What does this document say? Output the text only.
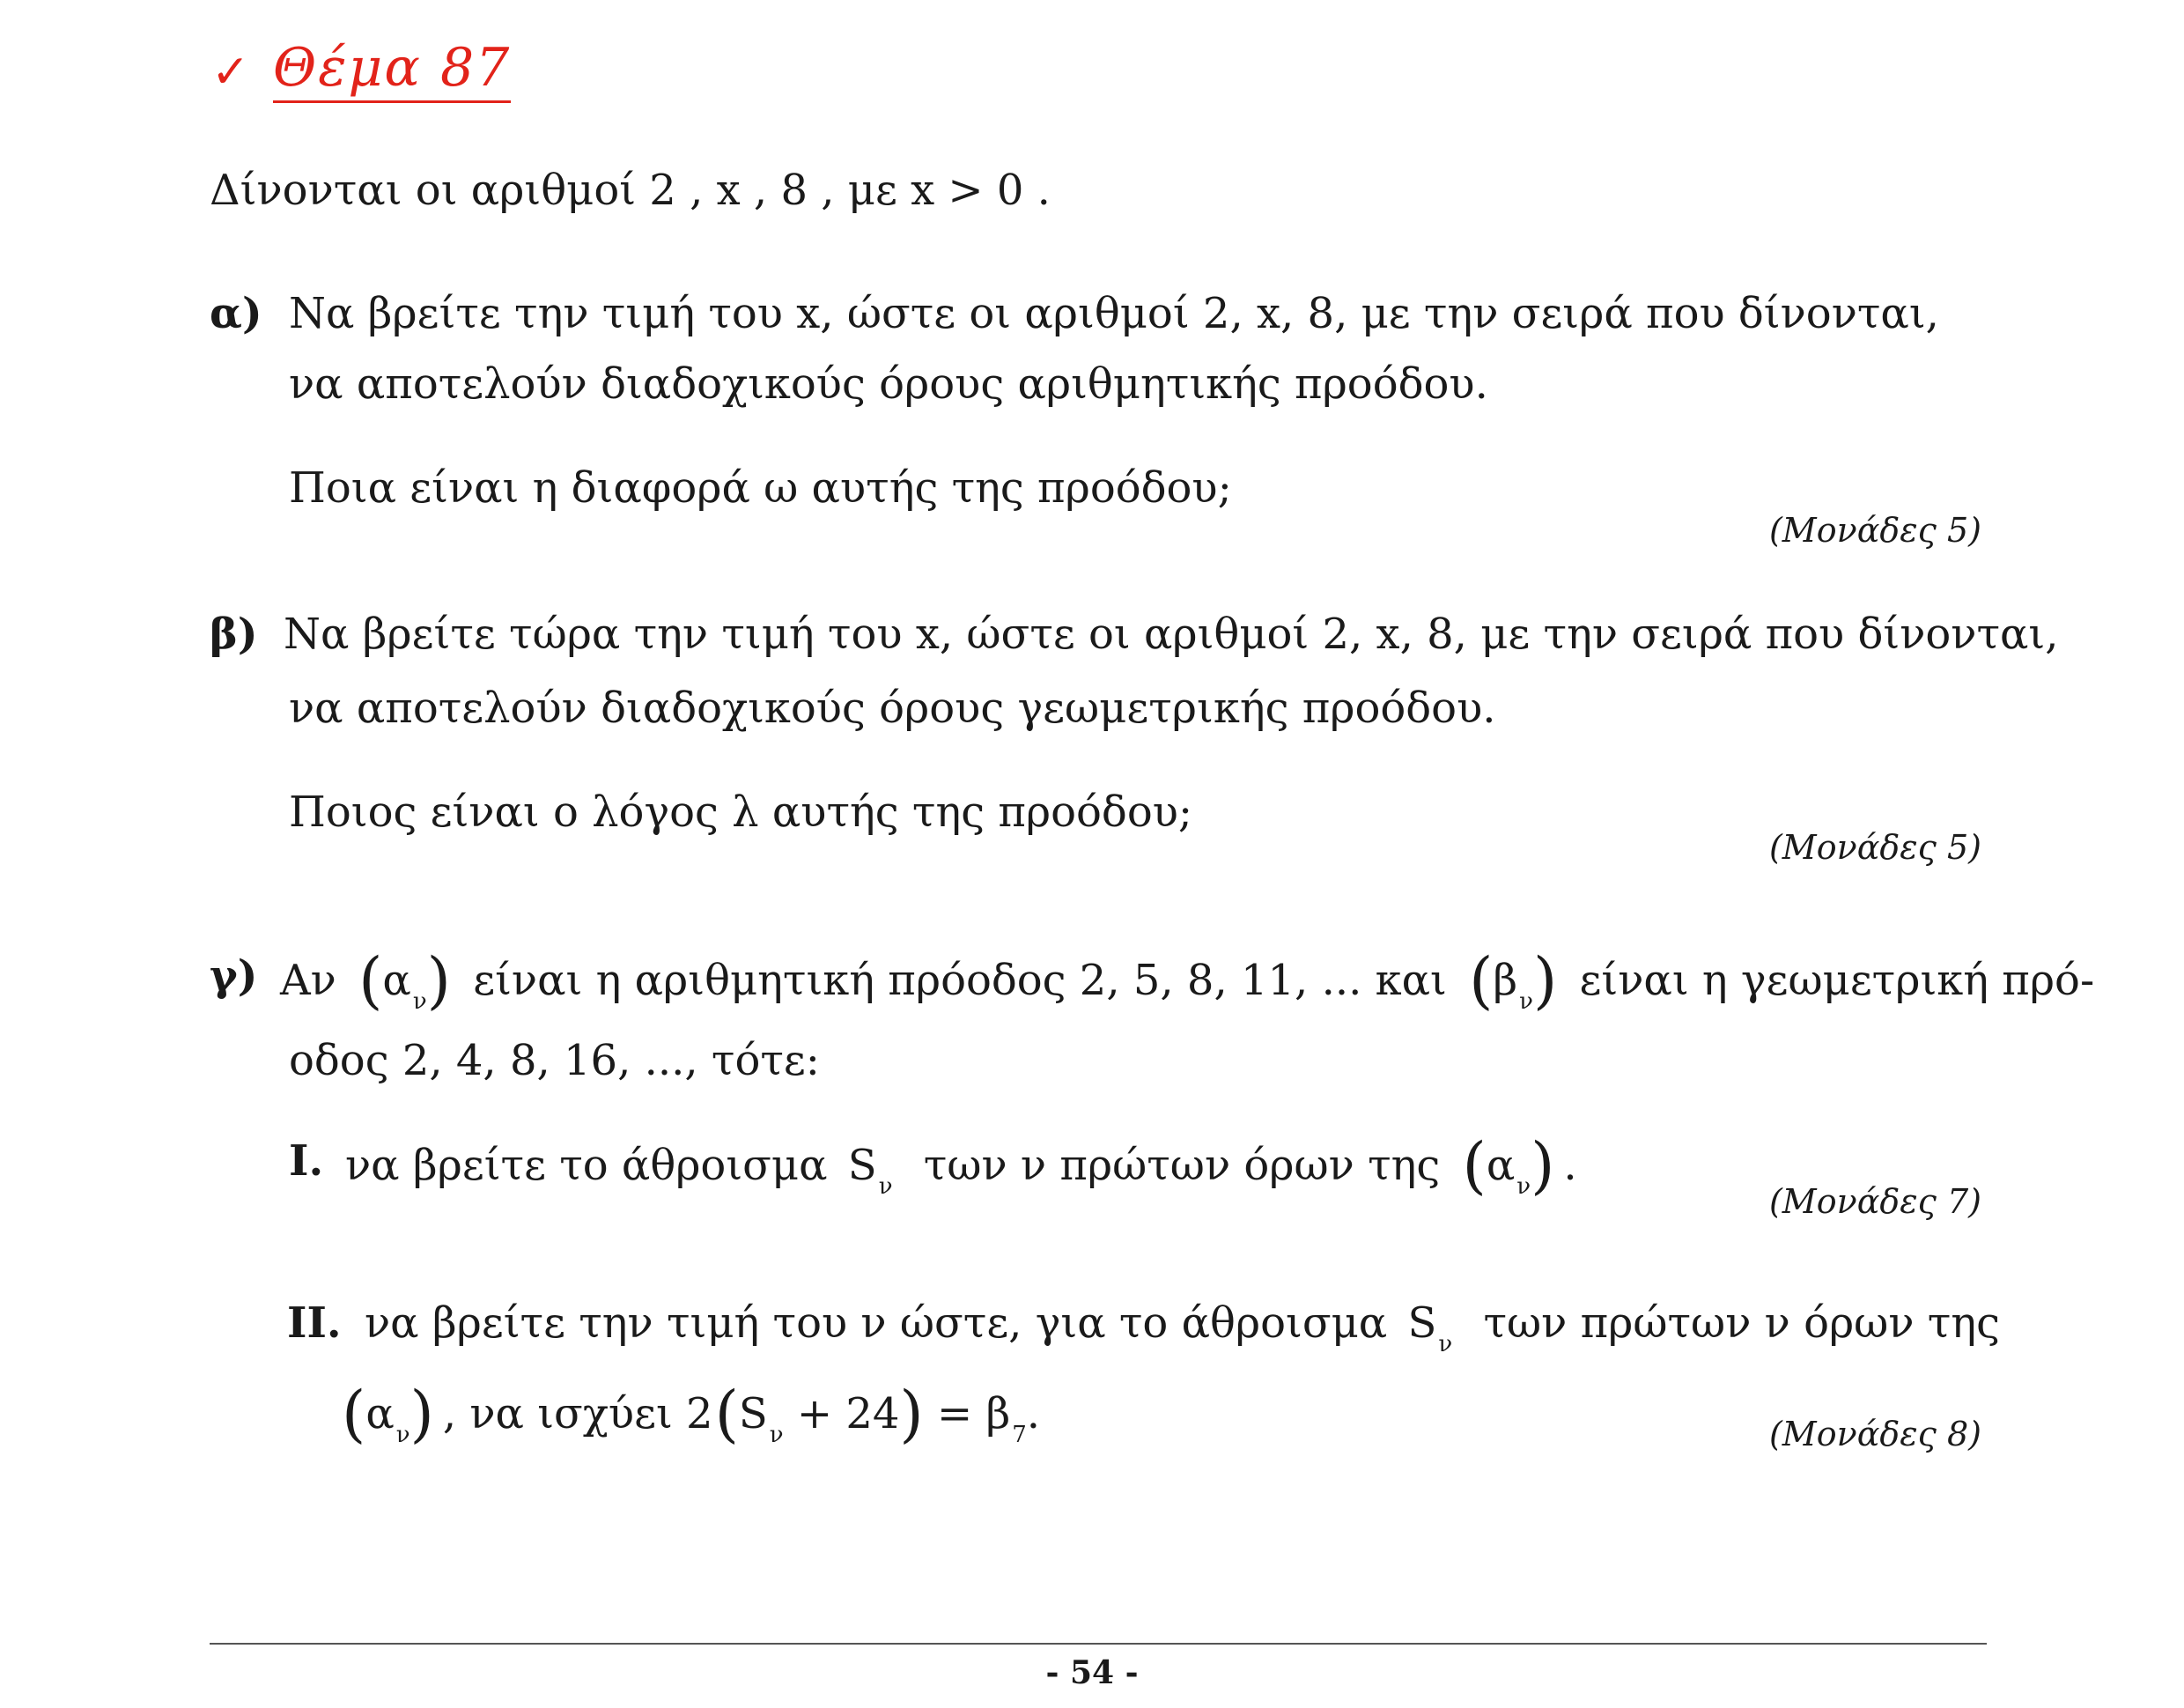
✓ Θέμα 87
Δίνονται οι αριθμοί 2 , x , 8 , με x > 0 .
α) Να βρείτε την τιμή του x, ώστε οι αριθμοί 2, x, 8, με την σειρά που δίνονται,
να αποτελούν διαδοχικούς όρους αριθμητικής προόδου.
Ποια είναι η διαφορά ω αυτής της προόδου;
(Μονάδες 5)
β) Να βρείτε τώρα την τιμή του x, ώστε οι αριθμοί 2, x, 8, με την σειρά που δίνονται,
να αποτελούν διαδοχικούς όρους γεωμετρικής προόδου.
Ποιος είναι ο λόγος λ αυτής της προόδου;
(Μονάδες 5)
γ) Αν $(\alpha_\nu)$ είναι η αριθμητική πρόοδος 2, 5, 8, 11, ... και $(\beta_\nu)$ είναι η γεωμετρική πρό-
οδος 2, 4, 8, 16, ..., τότε:
I. να βρείτε το άθροισμα $S_\nu$ των ν πρώτων όρων της $(\alpha_\nu)$ .
(Μονάδες 7)
II. να βρείτε την τιμή του ν ώστε, για το άθροισμα $S_\nu$ των πρώτων ν όρων της
$(\alpha_\nu)$ , να ισχύει $2(S_\nu + 24) = \beta_7$.	(Μονάδες 8)
- 54 -
